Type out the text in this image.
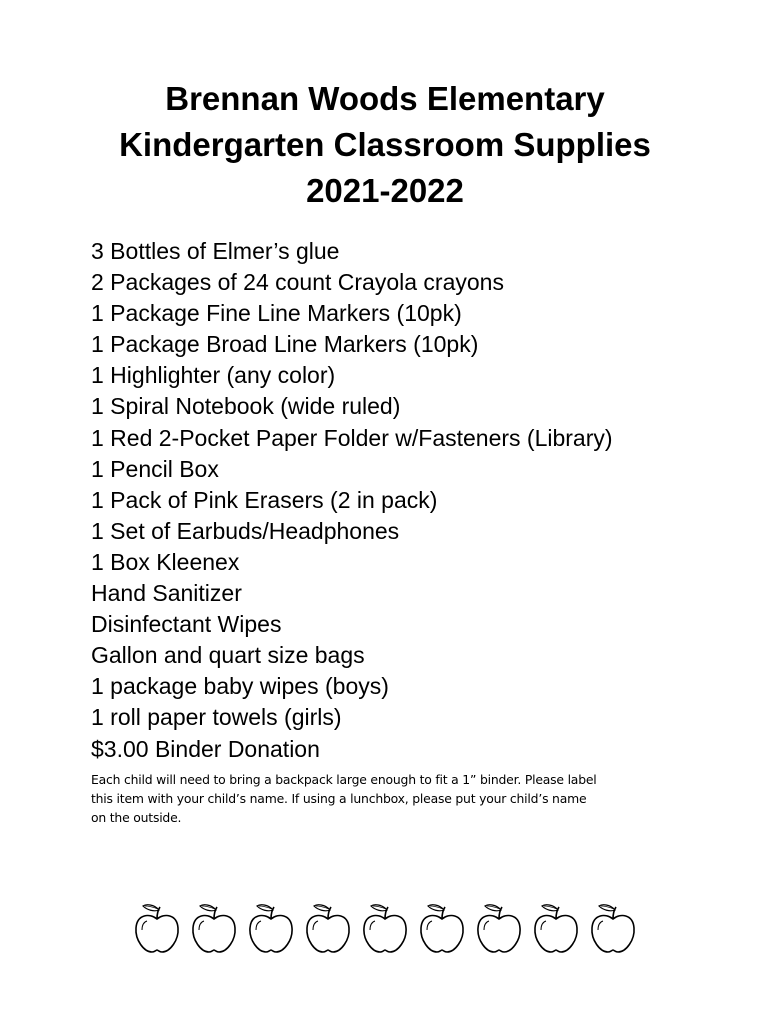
Brennan Woods Elementary
Kindergarten Classroom Supplies
2021-2022
3 Bottles of Elmer’s glue
2 Packages of 24 count Crayola crayons
1 Package Fine Line Markers (10pk)
1 Package Broad Line Markers (10pk)
1 Highlighter (any color)
1 Spiral Notebook (wide ruled)
1 Red 2-Pocket Paper Folder w/Fasteners (Library)
1 Pencil Box
1 Pack of Pink Erasers (2 in pack)
1 Set of Earbuds/Headphones
1 Box Kleenex
Hand Sanitizer
Disinfectant Wipes
Gallon and quart size bags
1 package baby wipes (boys)
1 roll paper towels (girls)
$3.00 Binder Donation

Each child will need to bring a backpack large enough to fit a 1” binder. Please label
this item with your child’s name. If using a lunchbox, please put your child’s name
on the outside.
